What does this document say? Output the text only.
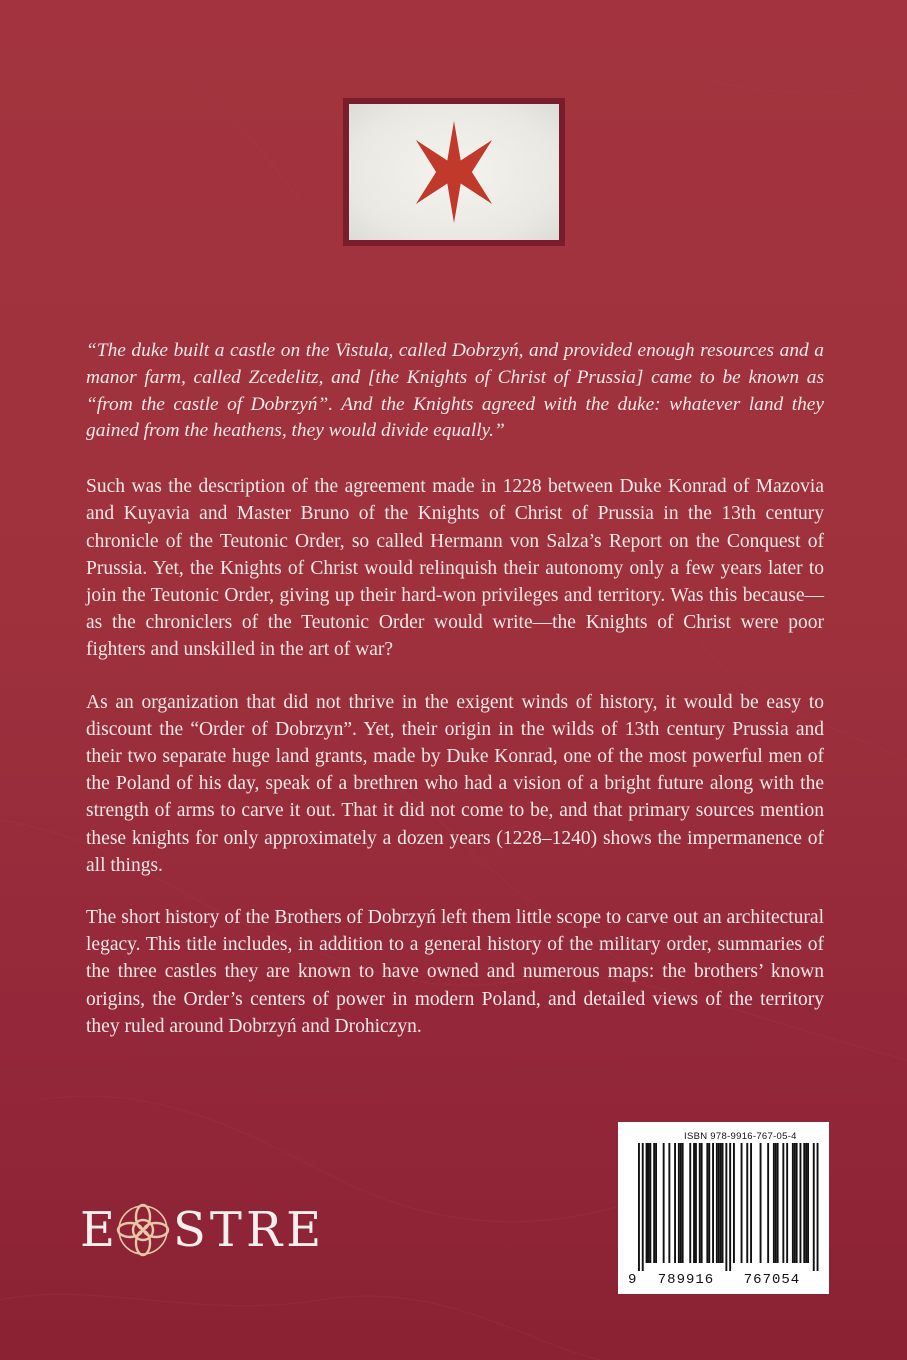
“The duke built a castle on the Vistula, called Dobrzyń, and provided enough resources and a manor farm, called Zcedelitz, and [the Knights of Christ of Prussia] came to be known as “from the castle of Dobrzyń”. And the Knights agreed with the duke: whatever land they gained from the heathens, they would divide equally.”

Such was the description of the agreement made in 1228 between Duke Konrad of Mazovia and Kuyavia and Master Bruno of the Knights of Christ of Prussia in the 13th century chronicle of the Teutonic Order, so called Hermann von Salza’s Report on the Conquest of Prussia. Yet, the Knights of Christ would relinquish their autonomy only a few years later to join the Teutonic Order, giving up their hard-won privileges and territory. Was this because—as the chroniclers of the Teutonic Order would write—the Knights of Christ were poor fighters and unskilled in the art of war?

As an organization that did not thrive in the exigent winds of history, it would be easy to discount the “Order of Dobrzyn”. Yet, their origin in the wilds of 13th century Prussia and their two separate huge land grants, made by Duke Konrad, one of the most powerful men of the Poland of his day, speak of a brethren who had a vision of a bright future along with the strength of arms to carve it out. That it did not come to be, and that primary sources mention these knights for only approximately a dozen years (1228–1240) shows the impermanence of all things.

The short history of the Brothers of Dobrzyń left them little scope to carve out an architectural legacy. This title includes, in addition to a general history of the military order, summaries of the three castles they are known to have owned and numerous maps: the brothers’ known origins, the Order’s centers of power in modern Poland, and detailed views of the territory they ruled around Dobrzyń and Drohiczyn.

E STRE
ISBN 978-9916-767-05-4
9	789916	767054
